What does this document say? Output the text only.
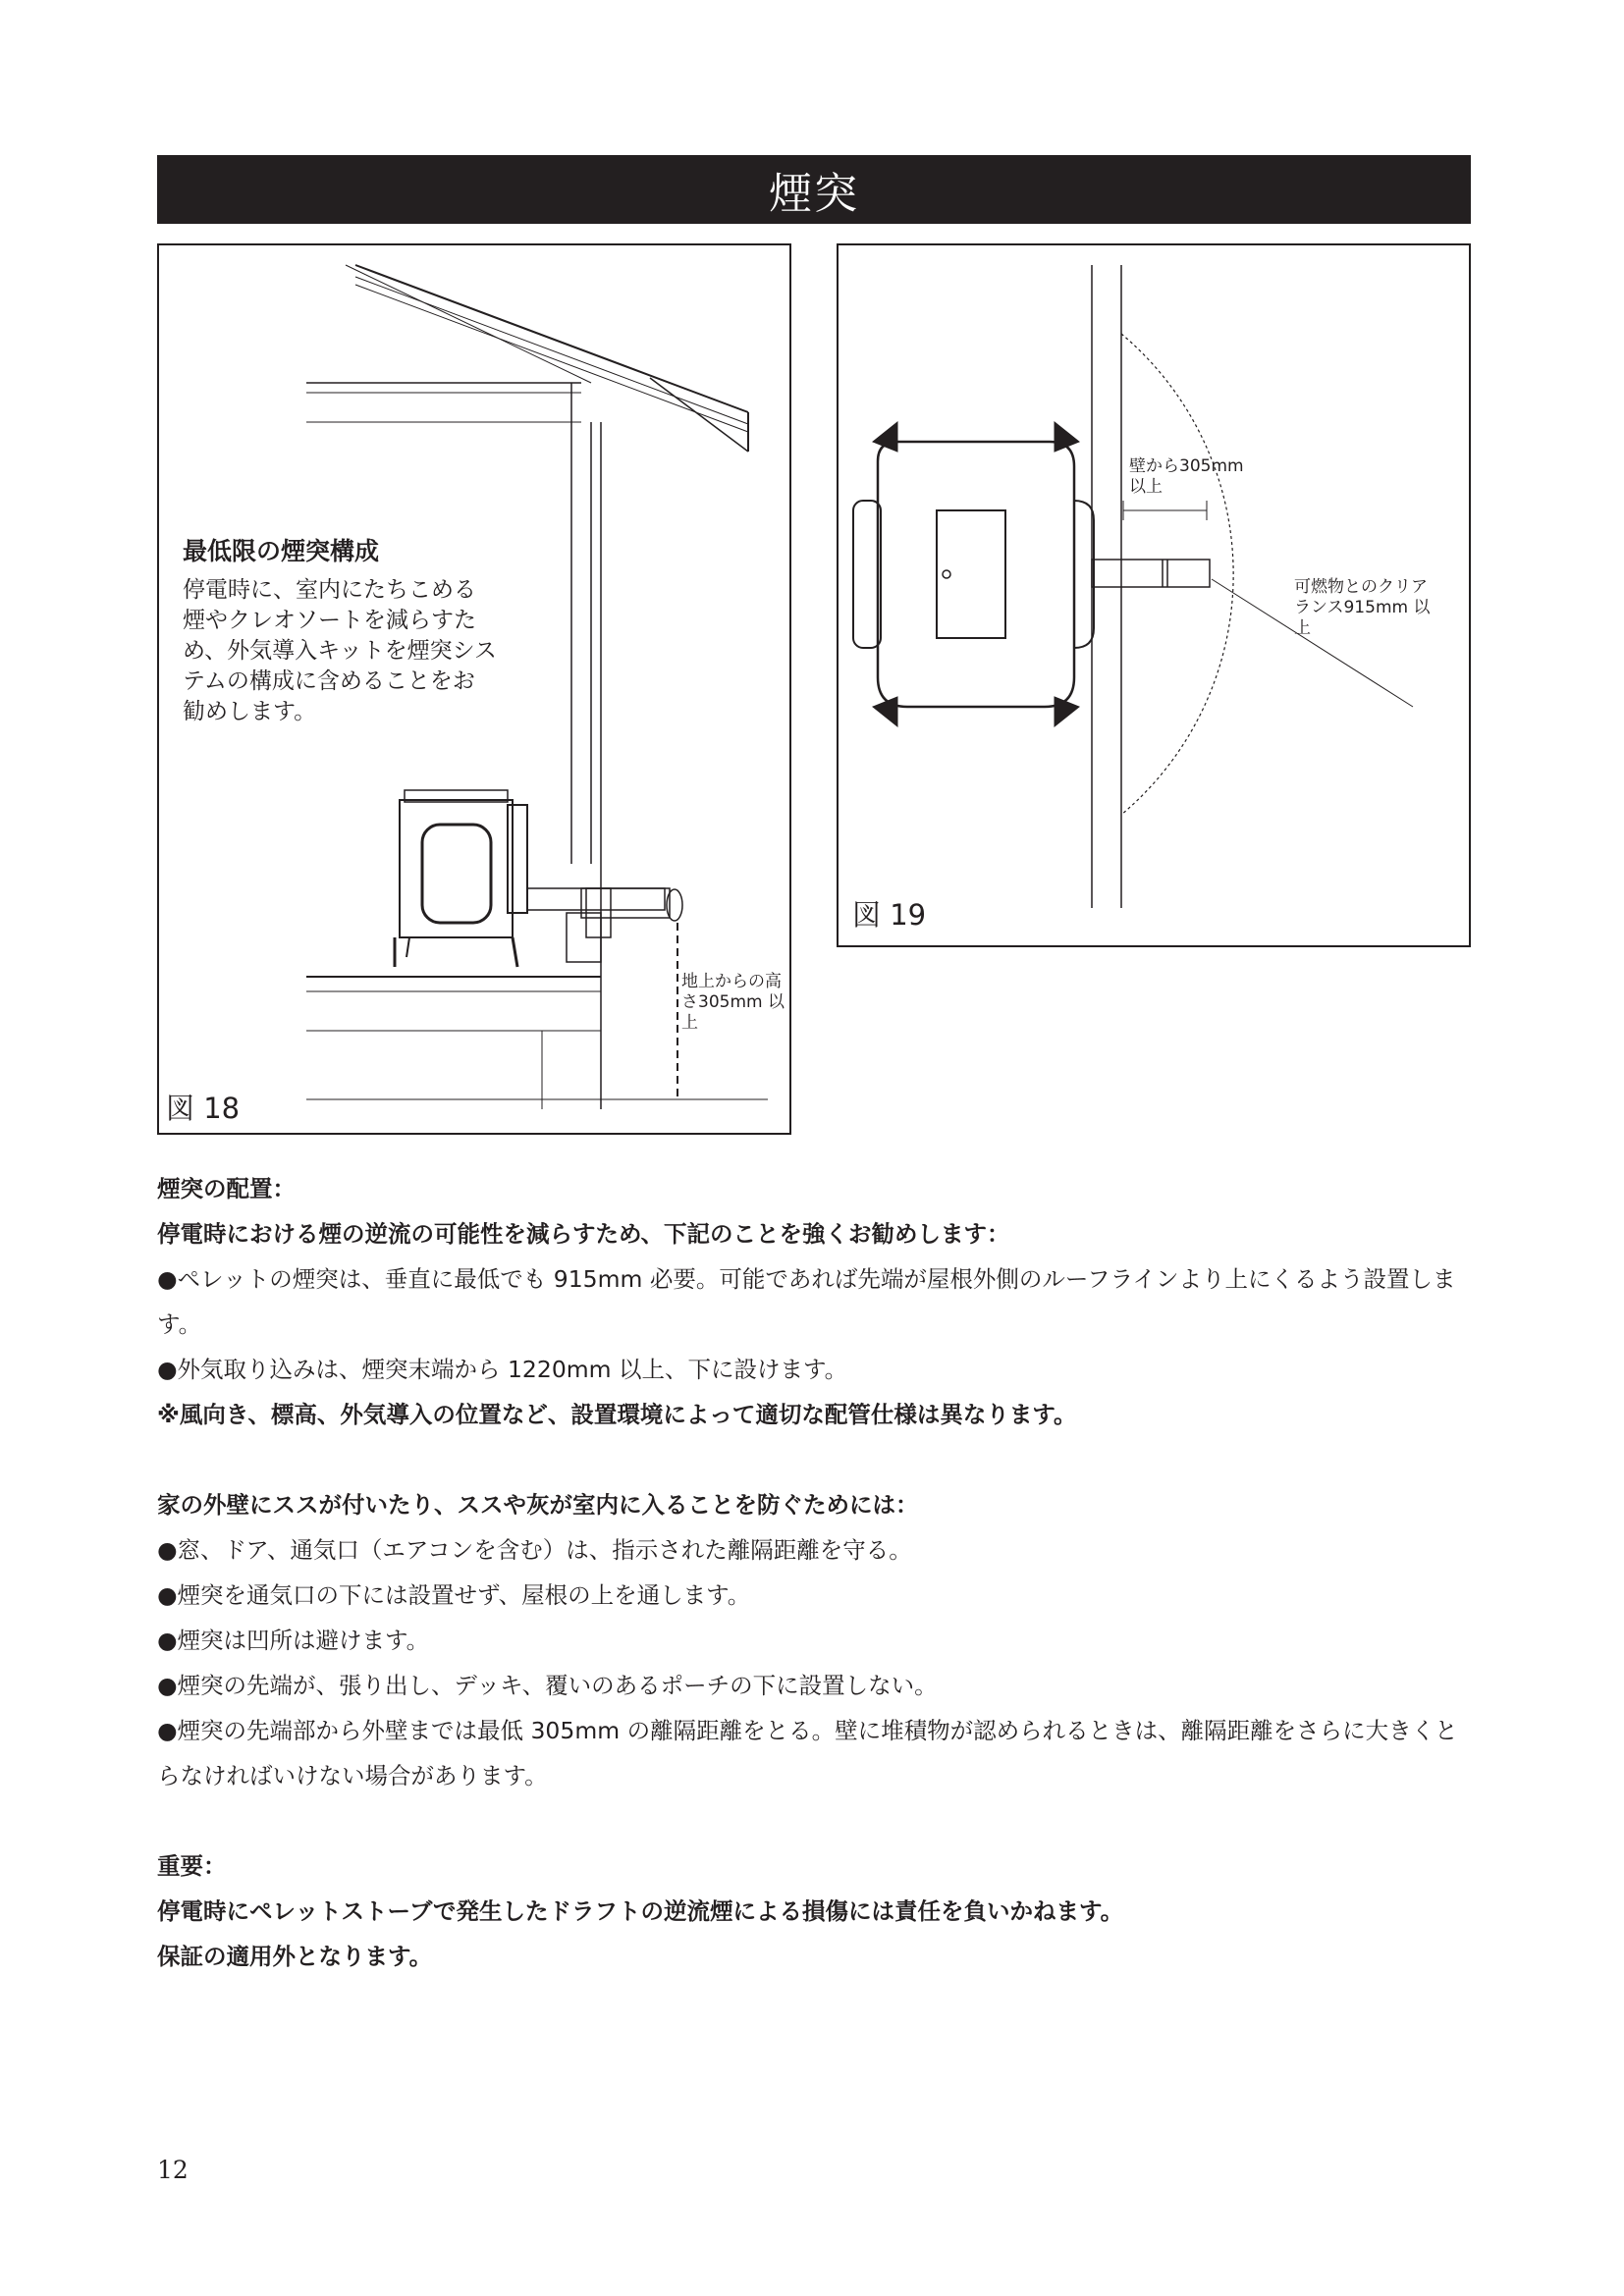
煙突
最低限の煙突構成
停電時に、室内にたちこめる煙やクレオソートを減らすため、外気導入キットを煙突システムの構成に含めることをお勧めします。
地上からの高さ305mm 以上
図 18
壁から305mm 以上
可燃物とのクリアランス915mm 以上
図 19

煙突の配置：

停電時における煙の逆流の可能性を減らすため、下記のことを強くお勧めします：

●ペレットの煙突は、垂直に最低でも 915mm 必要。可能であれば先端が屋根外側のルーフラインより上にくるよう設置します。

●外気取り込みは、煙突末端から 1220mm 以上、下に設けます。

※風向き、標高、外気導入の位置など、設置環境によって適切な配管仕様は異なります。

家の外壁にススが付いたり、ススや灰が室内に入ることを防ぐためには：

●窓、ドア、通気口（エアコンを含む）は、指示された離隔距離を守る。

●煙突を通気口の下には設置せず、屋根の上を通します。

●煙突は凹所は避けます。

●煙突の先端が、張り出し、デッキ、覆いのあるポーチの下に設置しない。

●煙突の先端部から外壁までは最低 305mm の離隔距離をとる。壁に堆積物が認められるときは、離隔距離をさらに大きくとらなければいけない場合があります。

重要：

停電時にペレットストーブで発生したドラフトの逆流煙による損傷には責任を負いかねます。

保証の適用外となります。

12
